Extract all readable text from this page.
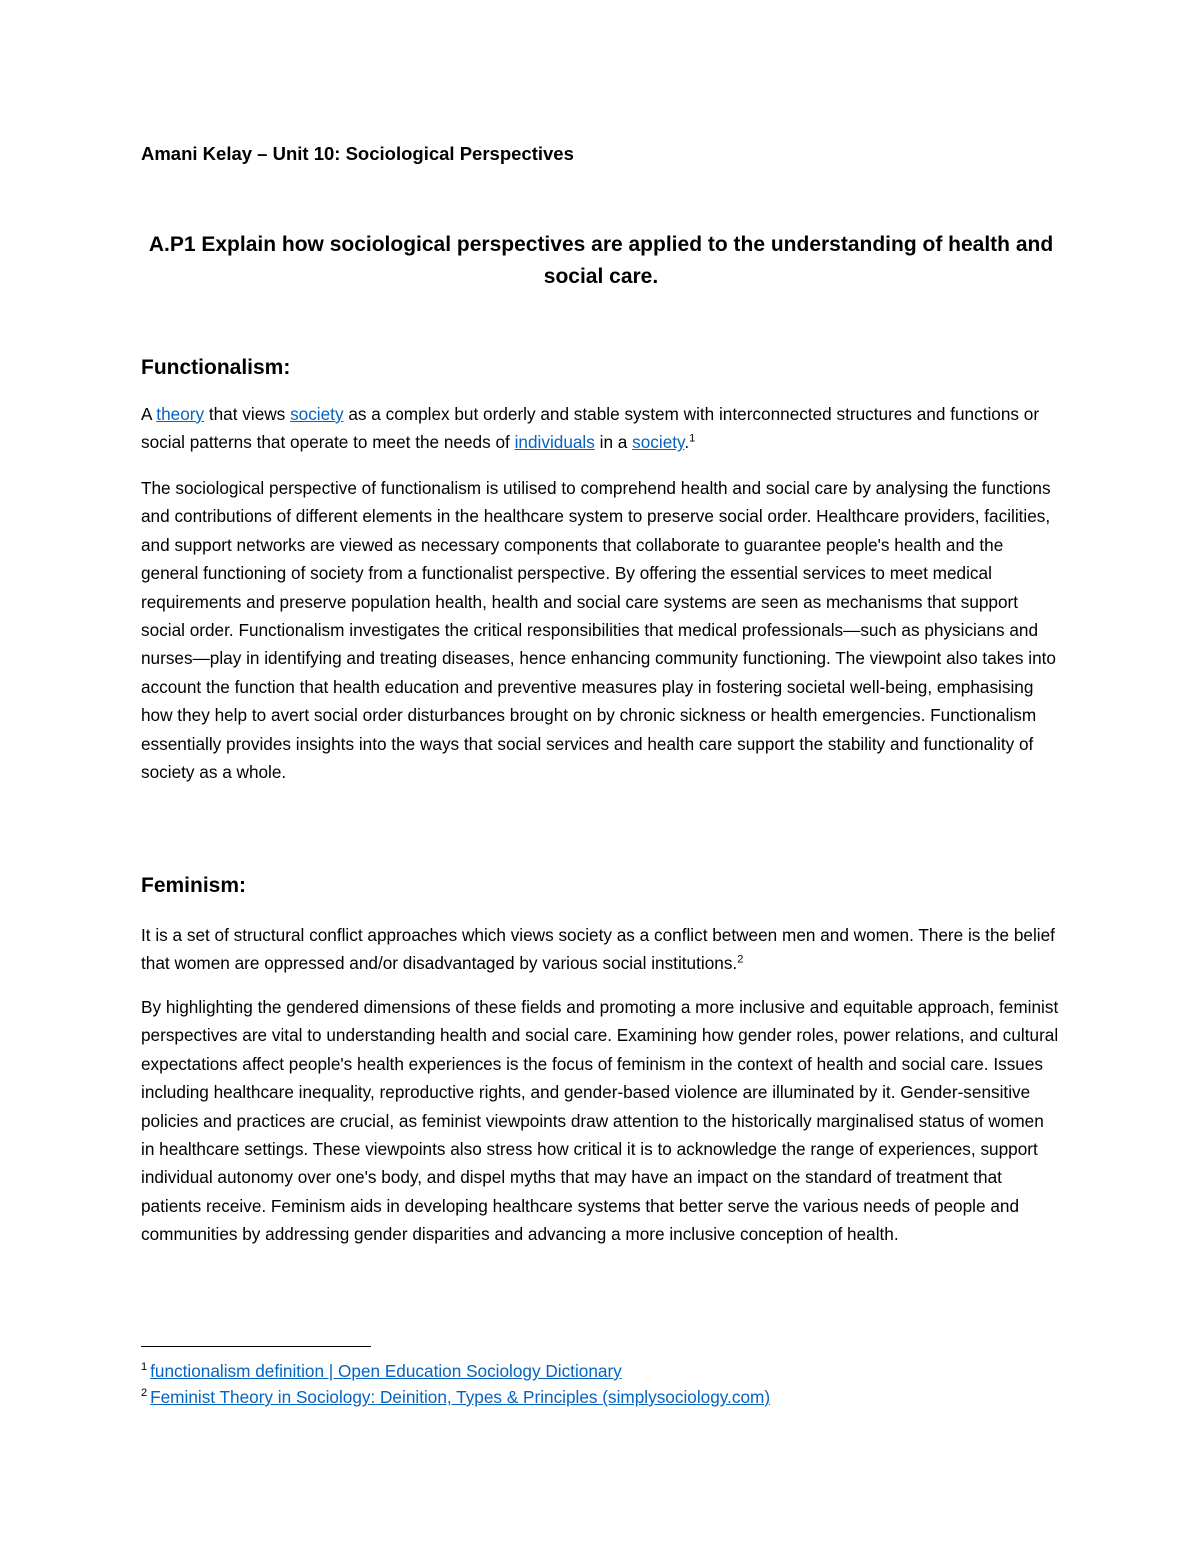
Amani Kelay – Unit 10: Sociological Perspectives
A.P1 Explain how sociological perspectives are applied to the understanding of health and social care.
Functionalism:
A theory that views society as a complex but orderly and stable system with interconnected structures and functions or social patterns that operate to meet the needs of individuals in a society.$^1$
The sociological perspective of functionalism is utilised to comprehend health and social care by analysing the functions and contributions of different elements in the healthcare system to preserve social order. Healthcare providers, facilities, and support networks are viewed as necessary components that collaborate to guarantee people's health and the general functioning of society from a functionalist perspective. By offering the essential services to meet medical requirements and preserve population health, health and social care systems are seen as mechanisms that support social order. Functionalism investigates the critical responsibilities that medical professionals—such as physicians and nurses—play in identifying and treating diseases, hence enhancing community functioning. The viewpoint also takes into account the function that health education and preventive measures play in fostering societal well-being, emphasising how they help to avert social order disturbances brought on by chronic sickness or health emergencies. Functionalism essentially provides insights into the ways that social services and health care support the stability and functionality of society as a whole.
Feminism:
It is a set of structural conflict approaches which views society as a conflict between men and women. There is the belief that women are oppressed and/or disadvantaged by various social institutions.$^2$
By highlighting the gendered dimensions of these fields and promoting a more inclusive and equitable approach, feminist perspectives are vital to understanding health and social care. Examining how gender roles, power relations, and cultural expectations affect people's health experiences is the focus of feminism in the context of health and social care. Issues including healthcare inequality, reproductive rights, and gender-based violence are illuminated by it. Gender-sensitive policies and practices are crucial, as feminist viewpoints draw attention to the historically marginalised status of women in healthcare settings. These viewpoints also stress how critical it is to acknowledge the range of experiences, support individual autonomy over one's body, and dispel myths that may have an impact on the standard of treatment that patients receive. Feminism aids in developing healthcare systems that better serve the various needs of people and communities by addressing gender disparities and advancing a more inclusive conception of health.
$^1$ functionalism definition | Open Education Sociology Dictionary
$^2$ Feminist Theory in Sociology: Deinition, Types & Principles (simplysociology.com)
